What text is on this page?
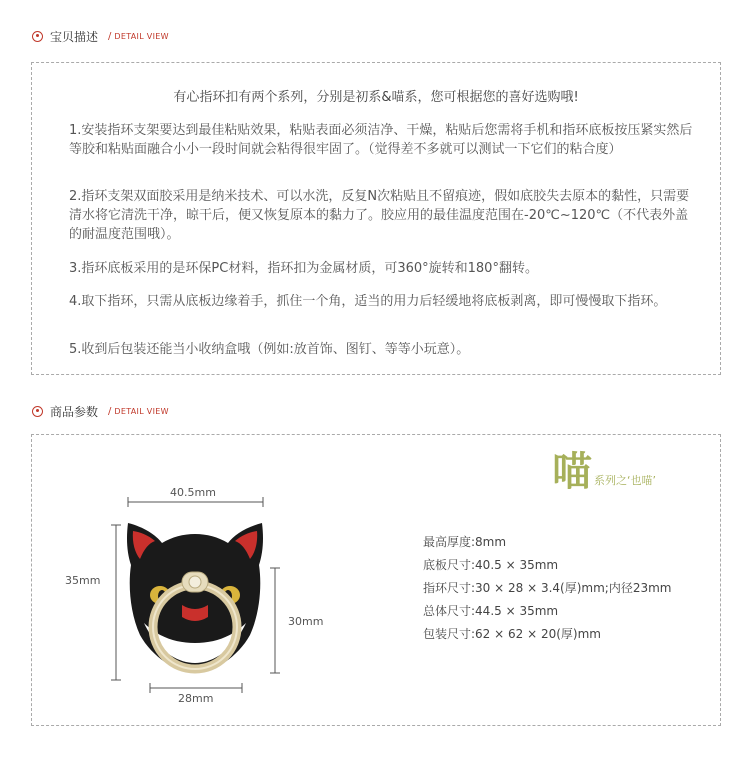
宝贝描述 / DETAIL VIEW
有心指环扣有两个系列，分别是初系&喵系，您可根据您的喜好选购哦!
1.安装指环支架要达到最佳粘贴效果，粘贴表面必须洁净、干燥，粘贴后您需将手机和指环底板按压紧实然后等胶和粘贴面融合小小一段时间就会粘得很牢固了。（觉得差不多就可以测试一下它们的粘合度）
2.指环支架双面胶采用是纳米技术、可以水洗，反复N次粘贴且不留痕迹，假如底胶失去原本的黏性，只需要清水将它清洗干净，晾干后，便又恢复原本的黏力了。胶应用的最佳温度范围在-20℃~120℃（不代表外盖的耐温度范围哦）。
3.指环底板采用的是环保PC材料，指环扣为金属材质，可360°旋转和180°翻转。
4.取下指环，只需从底板边缘着手，抓住一个角，适当的用力后轻缓地将底板剥离，即可慢慢取下指环。
5.收到后包装还能当小收纳盒哦（例如:放首饰、图钉、等等小玩意）。
商品参数 / DETAIL VIEW
40.5mm
35mm
30mm
28mm
喵 系列之‘也喵’
最高厚度:8mm
底板尺寸:40.5 × 35mm
指环尺寸:30 × 28 × 3.4(厚)mm;内径23mm
总体尺寸:44.5 × 35mm
包装尺寸:62 × 62 × 20(厚)mm
